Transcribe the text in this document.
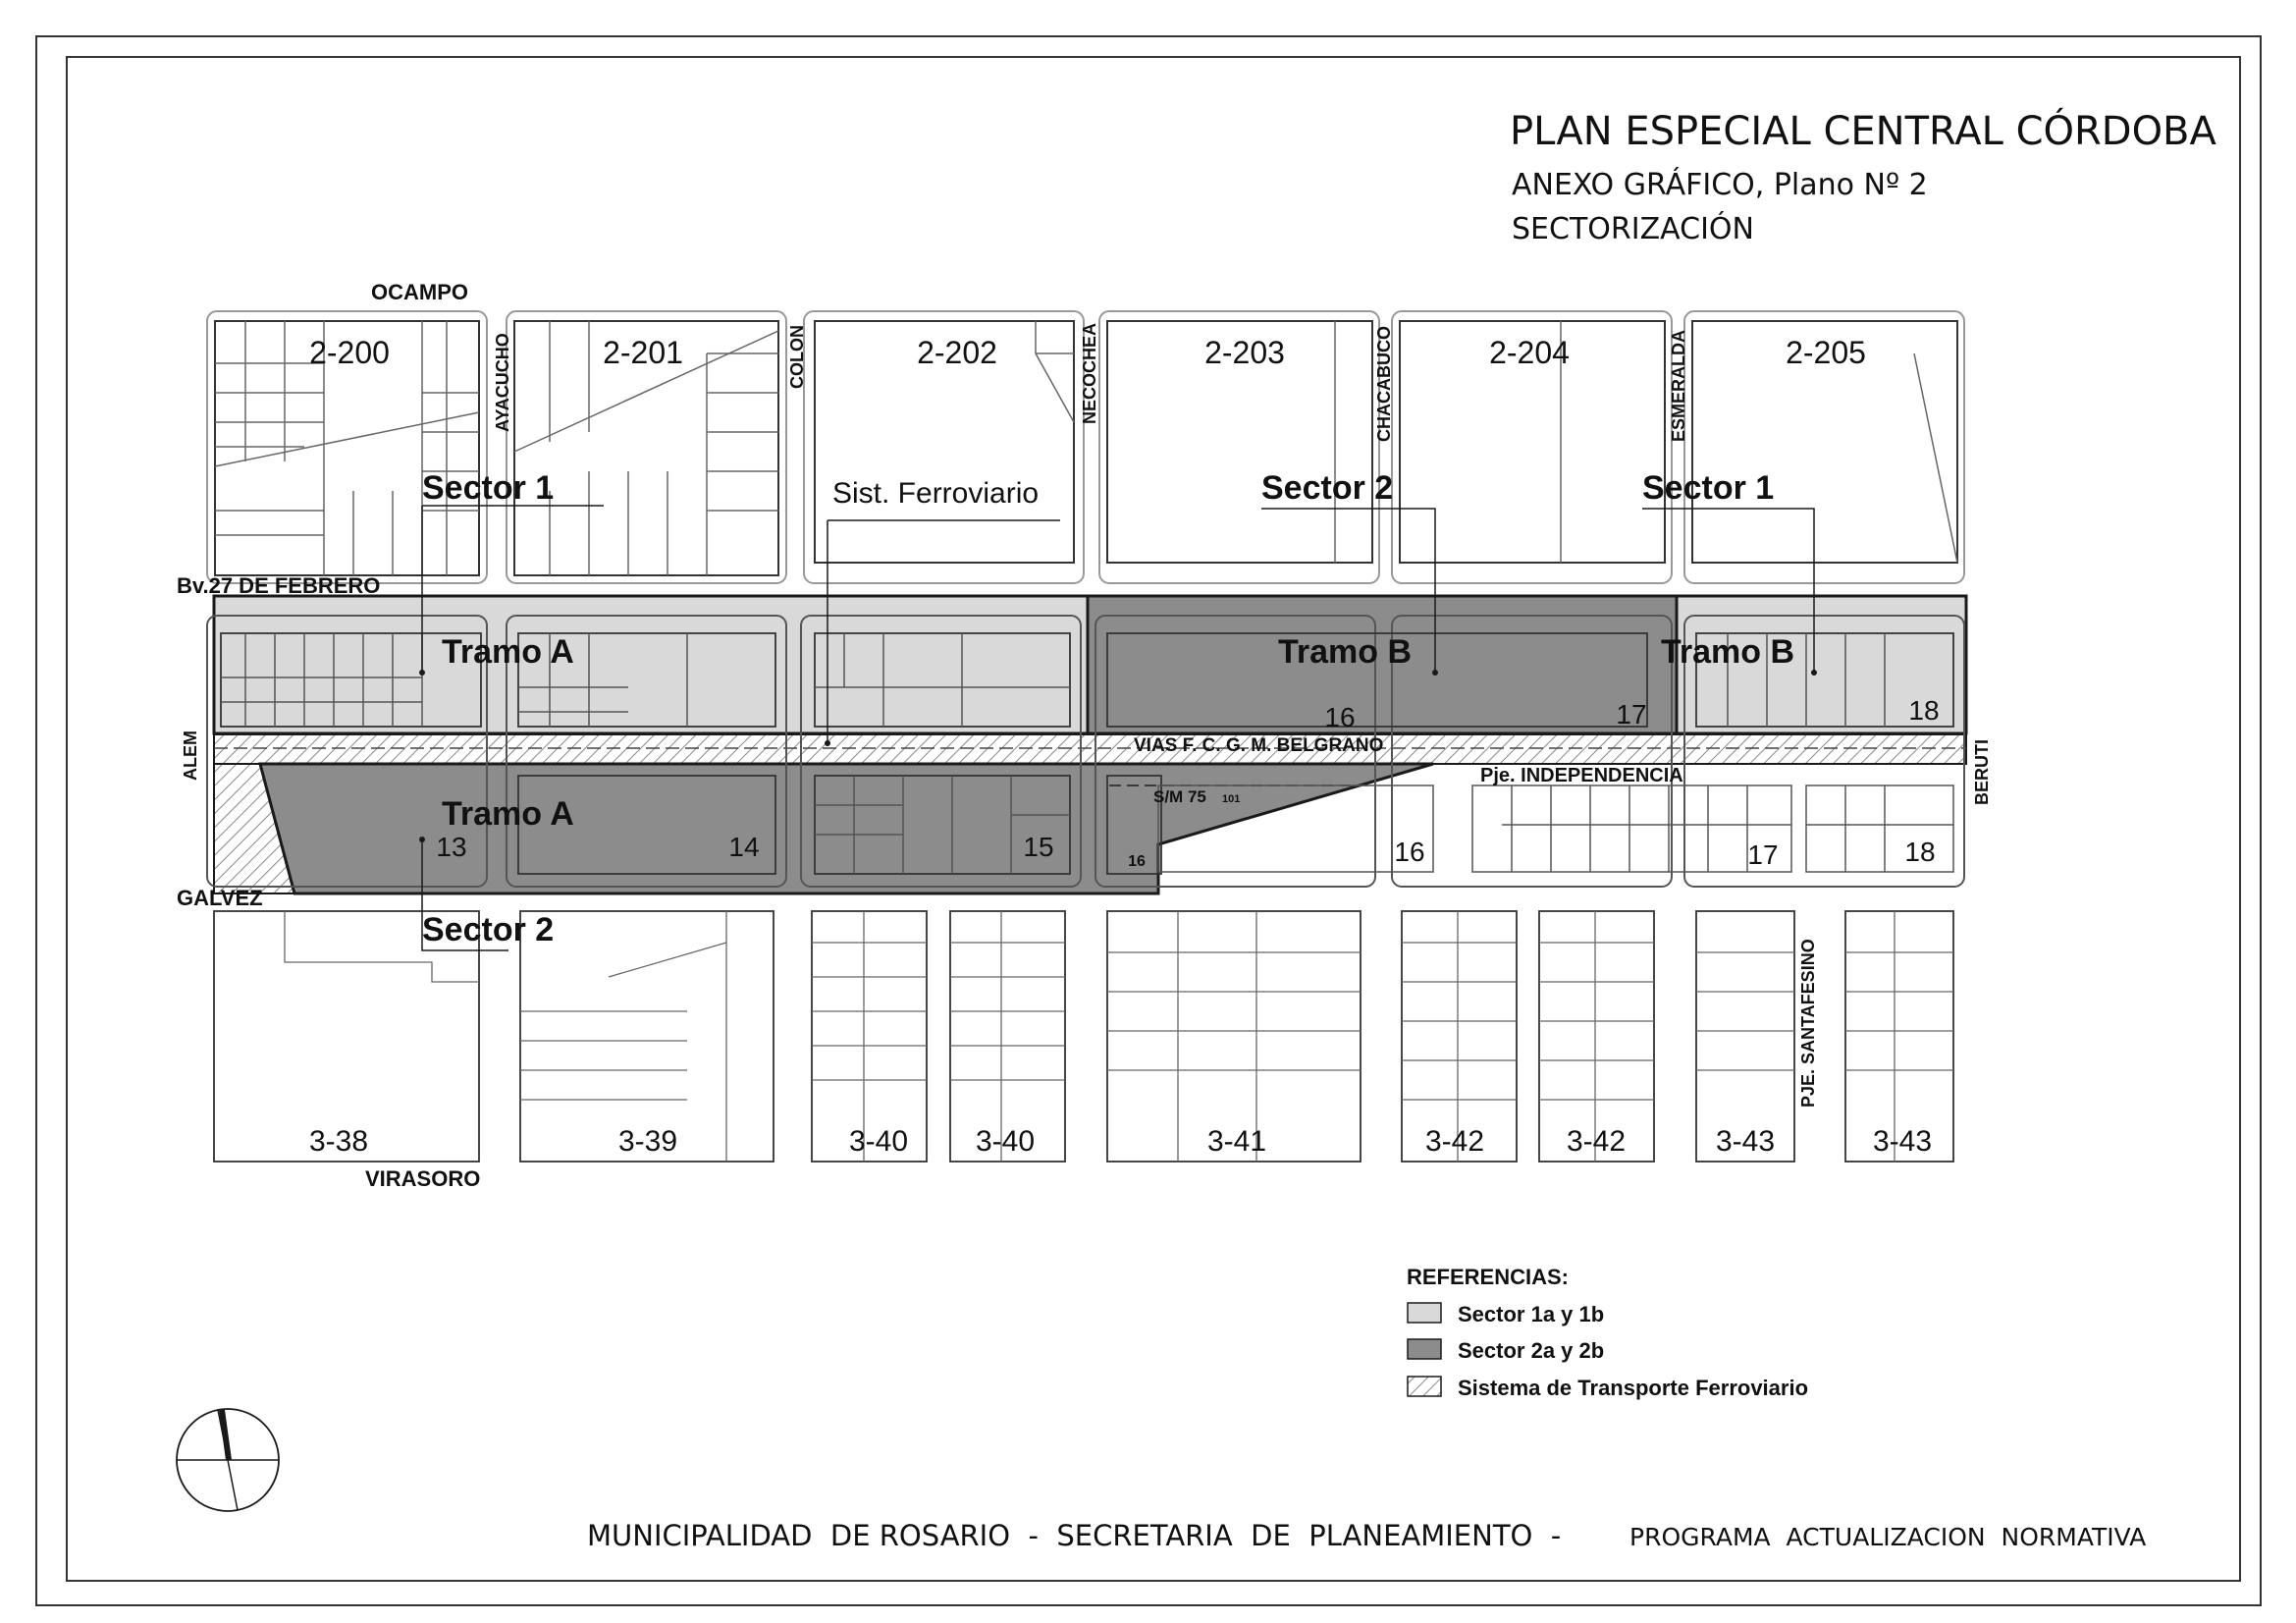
2-200	2-201	2-202	2-203	2-204	2-205
3-38	3-39	3-40 3-40	3-41	3-42	3-42	3-43	3-43
OCAMPO
AYACUCHO	COLON	NECOCHEA	CHACABUCO	ESMERALDA
Bv.27 DE FEBRERO
ALEM	BERUTI
GALVEZ
VIRASORO
Pje. INDEPENDENCIA
PJE. SANTAFESINO
VIAS F. C. G. M. BELGRANO
Sector 1	Sist. Ferroviario	Sector 2	Sector 1
Sector 2
Tramo A	Tramo B	Tramo B
Tramo A
16	17	18
13	14	15	16	16	17	18
S/M 75 101
PLAN ESPECIAL CENTRAL CÓRDOBA
ANEXO GRÁFICO, Plano Nº 2
SECTORIZACIÓN
REFERENCIAS:
Sector 1a y 1b
Sector 2a y 2b
Sistema de Transporte Ferroviario
MUNICIPALIDAD  DE ROSARIO  -  SECRETARIA  DE  PLANEAMIENTO  -	PROGRAMA  ACTUALIZACION  NORMATIVA
